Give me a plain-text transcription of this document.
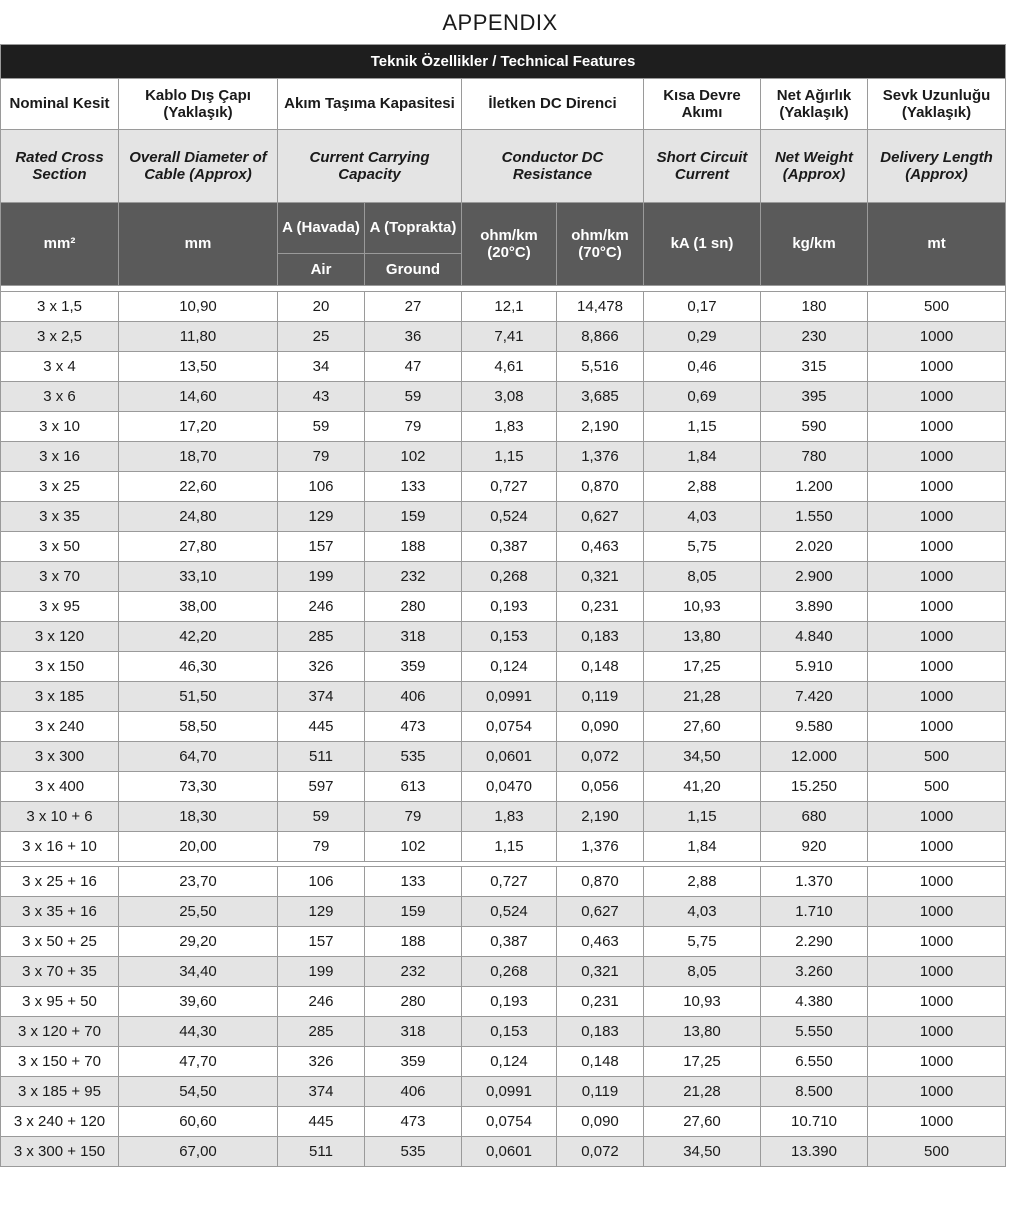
APPENDIX
Teknik Özellikler / Technical Features								
Nominal Kesit	Kablo Dış Çapı (Yaklaşık)	Akım Taşıma Kapasitesi		İletken DC Direnci		Kısa Devre Akımı	Net Ağırlık (Yaklaşık)	Sevk Uzunluğu (Yaklaşık)
Rated Cross Section	Overall Diameter of Cable (Approx)	Current Carrying Capacity		Conductor DC Resistance		Short Circuit Current	Net Weight (Approx)	Delivery Length (Approx)
mm²	mm	A (Havada)	A (Toprakta)	ohm/km (20°C)	ohm/km (70°C)	kA (1 sn)	kg/km	mt
		Air	Ground					

3 x 1,5	10,90	20	27	12,1	14,478	0,17	180	500
3 x 2,5	11,80	25	36	7,41	8,866	0,29	230	1000
3 x 4	13,50	34	47	4,61	5,516	0,46	315	1000
3 x 6	14,60	43	59	3,08	3,685	0,69	395	1000
3 x 10	17,20	59	79	1,83	2,190	1,15	590	1000
3 x 16	18,70	79	102	1,15	1,376	1,84	780	1000
3 x 25	22,60	106	133	0,727	0,870	2,88	1.200	1000
3 x 35	24,80	129	159	0,524	0,627	4,03	1.550	1000
3 x 50	27,80	157	188	0,387	0,463	5,75	2.020	1000
3 x 70	33,10	199	232	0,268	0,321	8,05	2.900	1000
3 x 95	38,00	246	280	0,193	0,231	10,93	3.890	1000
3 x 120	42,20	285	318	0,153	0,183	13,80	4.840	1000
3 x 150	46,30	326	359	0,124	0,148	17,25	5.910	1000
3 x 185	51,50	374	406	0,0991	0,119	21,28	7.420	1000
3 x 240	58,50	445	473	0,0754	0,090	27,60	9.580	1000
3 x 300	64,70	511	535	0,0601	0,072	34,50	12.000	500
3 x 400	73,30	597	613	0,0470	0,056	41,20	15.250	500
3 x 10 + 6	18,30	59	79	1,83	2,190	1,15	680	1000
3 x 16 + 10	20,00	79	102	1,15	1,376	1,84	920	1000

3 x 25 + 16	23,70	106	133	0,727	0,870	2,88	1.370	1000
3 x 35 + 16	25,50	129	159	0,524	0,627	4,03	1.710	1000
3 x 50 + 25	29,20	157	188	0,387	0,463	5,75	2.290	1000
3 x 70 + 35	34,40	199	232	0,268	0,321	8,05	3.260	1000
3 x 95 + 50	39,60	246	280	0,193	0,231	10,93	4.380	1000
3 x 120 + 70	44,30	285	318	0,153	0,183	13,80	5.550	1000
3 x 150 + 70	47,70	326	359	0,124	0,148	17,25	6.550	1000
3 x 185 + 95	54,50	374	406	0,0991	0,119	21,28	8.500	1000
3 x 240 + 120	60,60	445	473	0,0754	0,090	27,60	10.710	1000
3 x 300 + 150	67,00	511	535	0,0601	0,072	34,50	13.390	500
